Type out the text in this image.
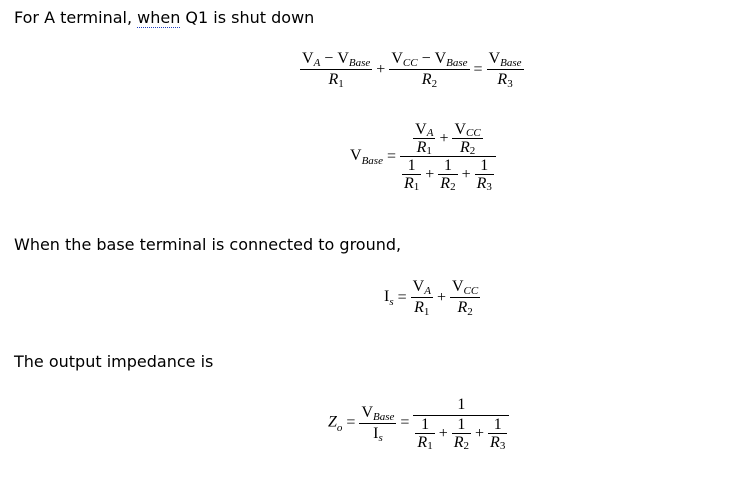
For A terminal, when Q1 is shut down
$\frac{\text{V A − V Base}}{R 1} + \frac{\text{V CC − V Base}}{R 2} = \frac{\text{V Base}}{R 3}$
$V_{Base}$ =
$\frac{\text{V A}}{R 1} + \frac{\text{V CC}}{R 2}$
$\frac{1}{R 1} + \frac{1}{R 2} + \frac{1}{R 3}$
When the base terminal is connected to ground,
$I_s = \frac{\text{V A}}{R 1} + \frac{\text{V CC}}{R 2}$
The output impedance is
$Z_o = \frac{\text{V Base}}{\text{I s}}$ =
1
$\frac{1}{R 1} + \frac{1}{R 2} + \frac{1}{R 3}$
